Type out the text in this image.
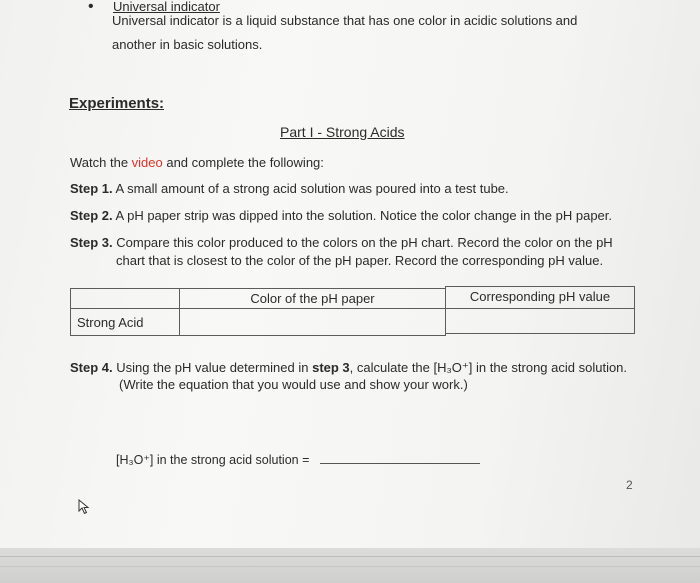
• Universal indicator
Universal indicator is a liquid substance that has one color in acidic solutions and
another in basic solutions.
Experiments:
Part I - Strong Acids
Watch the video and complete the following:
Step 1. A small amount of a strong acid solution was poured into a test tube.
Step 2. A pH paper strip was dipped into the solution. Notice the color change in the pH paper.
Step 3. Compare this color produced to the colors on the pH chart. Record the color on the pH
chart that is closest to the color of the pH paper. Record the corresponding pH value.
Color of the pH paper	Corresponding pH value
Strong Acid
Step 4. Using the pH value determined in step 3, calculate the [H₃O⁺] in the strong acid solution.
(Write the equation that you would use and show your work.)
[H₃O⁺] in the strong acid solution =
2
